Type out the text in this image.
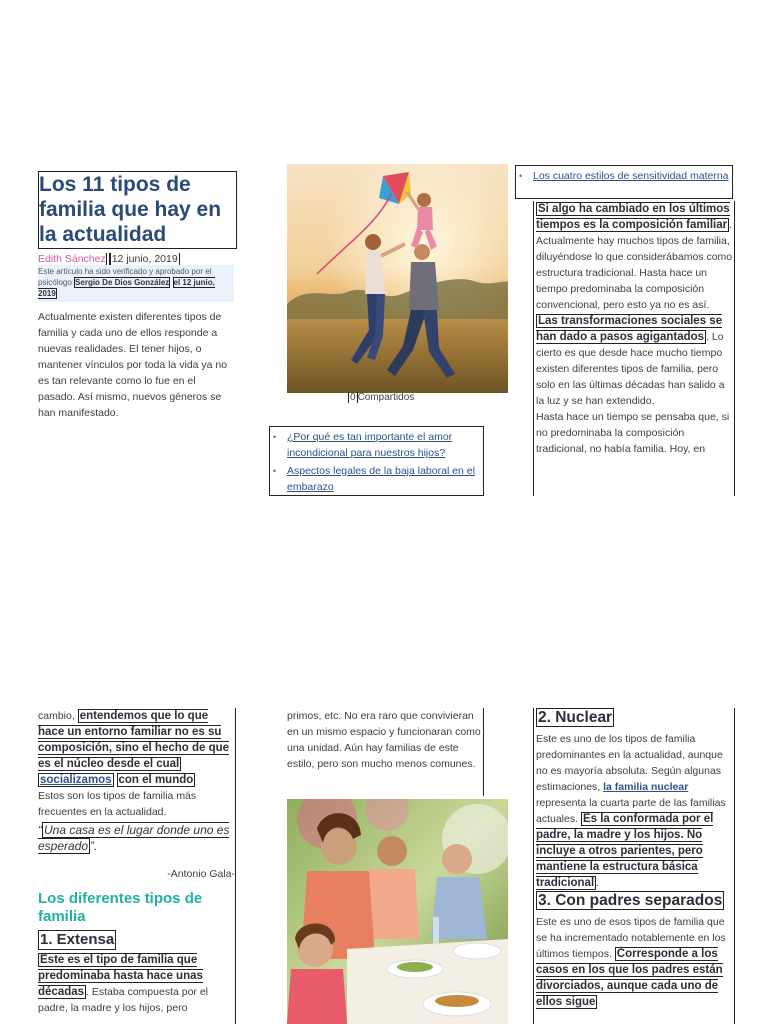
Los 11 tipos de familia que hay en la actualidad
Edith Sánchez 12 junio, 2019
Este artículo ha sido verificado y aprobado por el psicólogo Sergio De Dios González el 12 junio, 2019
Actualmente existen diferentes tipos de familia y cada uno de ellos responde a nuevas realidades. El tener hijos, o mantener vínculos por toda la vida ya no es tan relevante como lo fue en el pasado. Así mismo, nuevos géneros se han manifestado.
0 Compartidos
• ¿Por qué es tan importante el amor incondicional para nuestros hijos?
• Aspectos legales de la baja laboral en el embarazo
• Los cuatro estilos de sensitividad materna

Si algo ha cambiado en los últimos tiempos es la composición familiar . Actualmente hay muchos tipos de familia, diluyéndose lo que considerábamos como estructura tradicional. Hasta hace un tiempo predominaba la composición convencional, pero esto ya no es así.

Las transformaciones sociales se han dado a pasos agigantados . Lo cierto es que desde hace mucho tiempo existen diferentes tipos de familia, pero solo en las últimas décadas han salido a la luz y se han extendido.

Hasta hace un tiempo se pensaba que, si no predominaba la composición tradicional, no había familia. Hoy, en

cambio, entendemos que lo que hace un entorno familiar no es su composición, sino el hecho de que es el núcleo desde el cual socializamos con el mundo

Estos son los tipos de familia más frecuentes en la actualidad.

“ Una casa es el lugar donde uno es esperado ”.
-Antonio Gala-
Los diferentes tipos de familia
1. Extensa

Este es el tipo de familia que predominaba hasta hace unas décadas . Estaba compuesta por el padre, la madre y los hijos, pero

primos, etc. No era raro que convivieran en un mismo espacio y funcionaran como una unidad. Aún hay familias de este estilo, pero son mucho menos comunes.

2. Nuclear

Este es uno de los tipos de familia predominantes en la actualidad, aunque no es mayoría absoluta. Según algunas estimaciones, la familia nuclear representa la cuarta parte de las familias actuales. Es la conformada por el padre, la madre y los hijos. No incluye a otros parientes, pero mantiene la estructura básica tradicional .

3. Con padres separados

Este es uno de esos tipos de familia que se ha incrementado notablemente en los últimos tiempos. Corresponde a los casos en los que los padres están divorciados, aunque cada uno de ellos sigue
